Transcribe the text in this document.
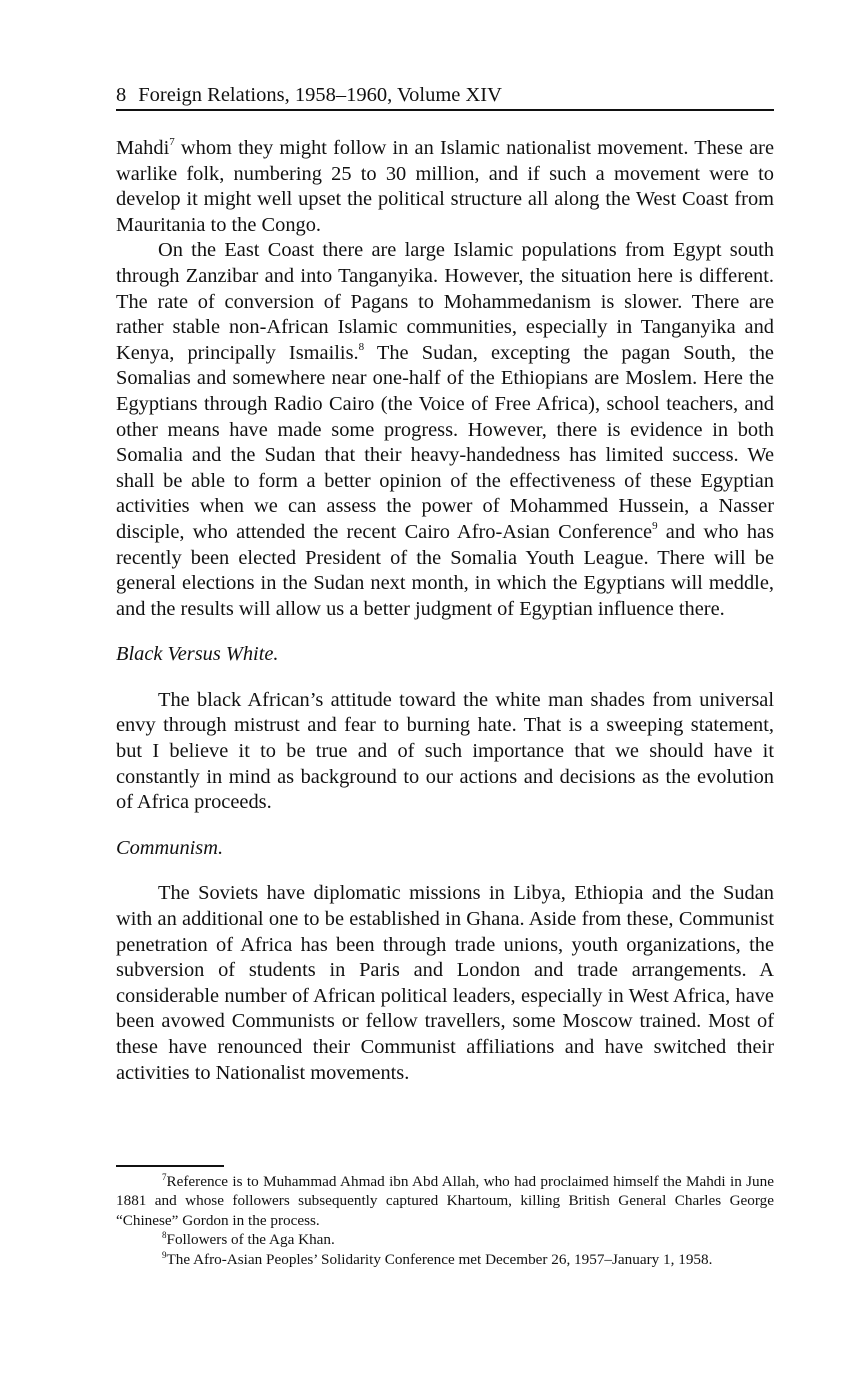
8 Foreign Relations, 1958–1960, Volume XIV

Mahdi$^7$ whom they might follow in an Islamic nationalist movement. These are warlike folk, numbering 25 to 30 million, and if such a movement were to develop it might well upset the political structure all along the West Coast from Mauritania to the Congo.

On the East Coast there are large Islamic populations from Egypt south through Zanzibar and into Tanganyika. However, the situation here is different. The rate of conversion of Pagans to Mohammedanism is slower. There are rather stable non-African Islamic communities, especially in Tanganyika and Kenya, principally Ismailis.$^8$ The Sudan, excepting the pagan South, the Somalias and somewhere near one-half of the Ethiopians are Moslem. Here the Egyptians through Radio Cairo (the Voice of Free Africa), school teachers, and other means have made some progress. However, there is evidence in both Somalia and the Sudan that their heavy-handedness has limited success. We shall be able to form a better opinion of the effectiveness of these Egyptian activities when we can assess the power of Mohammed Hussein, a Nasser disciple, who attended the recent Cairo Afro-Asian Conference$^9$ and who has recently been elected President of the Somalia Youth League. There will be general elections in the Sudan next month, in which the Egyptians will meddle, and the results will allow us a better judgment of Egyptian influence there.

Black Versus White.

The black African’s attitude toward the white man shades from universal envy through mistrust and fear to burning hate. That is a sweeping statement, but I believe it to be true and of such importance that we should have it constantly in mind as background to our actions and decisions as the evolution of Africa proceeds.

Communism.

The Soviets have diplomatic missions in Libya, Ethiopia and the Sudan with an additional one to be established in Ghana. Aside from these, Communist penetration of Africa has been through trade unions, youth organizations, the subversion of students in Paris and London and trade arrangements. A considerable number of African political leaders, especially in West Africa, have been avowed Communists or fellow travellers, some Moscow trained. Most of these have renounced their Communist affiliations and have switched their activities to Nationalist movements.

$^7$Reference is to Muhammad Ahmad ibn Abd Allah, who had proclaimed himself the Mahdi in June 1881 and whose followers subsequently captured Khartoum, killing British General Charles George “Chinese” Gordon in the process.

$^8$Followers of the Aga Khan.

$^9$The Afro-Asian Peoples’ Solidarity Conference met December 26, 1957–January 1, 1958.
